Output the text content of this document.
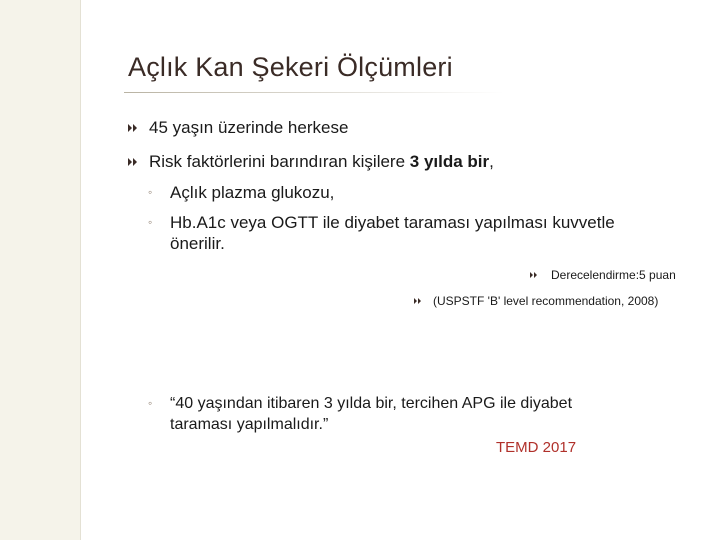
Açlık Kan Şekeri Ölçümleri
45 yaşın üzerinde herkese
Risk faktörlerini barındıran kişilere 3 yılda bir,
◦ Açlık plazma glukozu,
◦ Hb.A1c veya OGTT ile diyabet taraması yapılması kuvvetle
önerilir.
Derecelendirme:5 puan
(USPSTF 'B' level recommendation, 2008)
◦ “40 yaşından itibaren 3 yılda bir, tercihen APG ile diyabet
taraması yapılmalıdır.”
TEMD 2017
